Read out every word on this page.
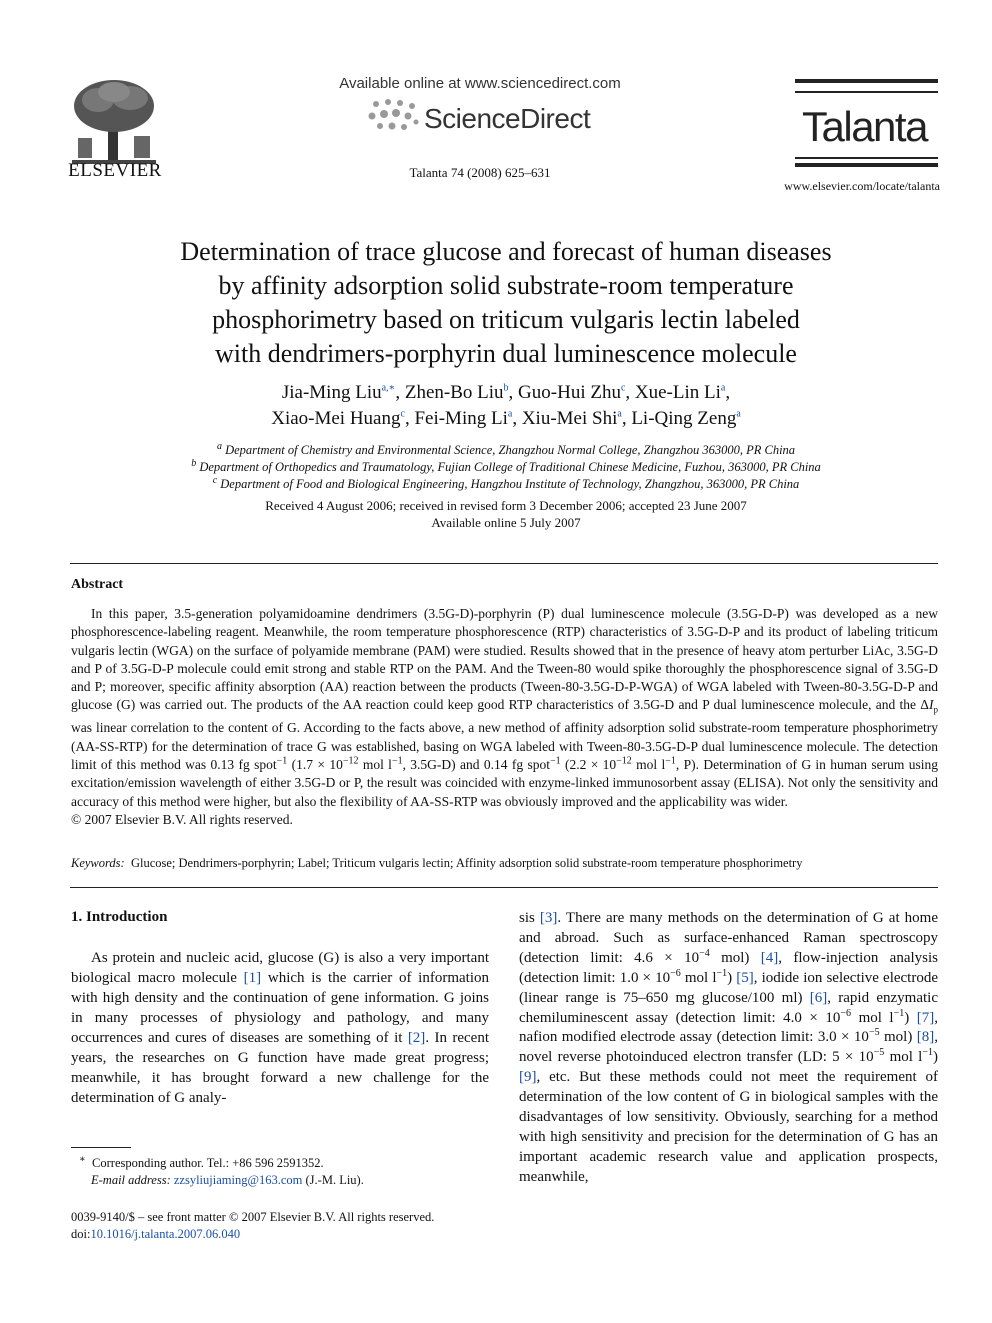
ELSEVIER
Available online at www.sciencedirect.com
ScienceDirect
Talanta 74 (2008) 625–631
Talanta
www.elsevier.com/locate/talanta
Determination of trace glucose and forecast of human diseases
by affinity adsorption solid substrate-room temperature
phosphorimetry based on triticum vulgaris lectin labeled
with dendrimers-porphyrin dual luminescence molecule
Jia-Ming Liu$^{a,∗}$, Zhen-Bo Liu$^b$, Guo-Hui Zhu$^c$, Xue-Lin Li$^a$,
Xiao-Mei Huang$^c$, Fei-Ming Li$^a$, Xiu-Mei Shi$^a$, Li-Qing Zeng$^a$
$^a$ Department of Chemistry and Environmental Science, Zhangzhou Normal College, Zhangzhou 363000, PR China
$^b$ Department of Orthopedics and Traumatology, Fujian College of Traditional Chinese Medicine, Fuzhou, 363000, PR China
$^c$ Department of Food and Biological Engineering, Hangzhou Institute of Technology, Zhangzhou, 363000, PR China
Received 4 August 2006; received in revised form 3 December 2006; accepted 23 June 2007
Available online 5 July 2007
Abstract

In this paper, 3.5-generation polyamidoamine dendrimers (3.5G-D)-porphyrin (P) dual luminescence molecule (3.5G-D-P) was developed as a new phosphorescence-labeling reagent. Meanwhile, the room temperature phosphorescence (RTP) characteristics of 3.5G-D-P and its product of labeling triticum vulgaris lectin (WGA) on the surface of polyamide membrane (PAM) were studied. Results showed that in the presence of heavy atom perturber LiAc, 3.5G-D and P of 3.5G-D-P molecule could emit strong and stable RTP on the PAM. And the Tween-80 would spike thoroughly the phosphorescence signal of 3.5G-D and P; moreover, specific affinity absorption (AA) reaction between the products (Tween-80-3.5G-D-P-WGA) of WGA labeled with Tween-80-3.5G-D-P and glucose (G) was carried out. The products of the AA reaction could keep good RTP characteristics of 3.5G-D and P dual luminescence molecule, and the $\Delta I_p$ was linear correlation to the content of G. According to the facts above, a new method of affinity adsorption solid substrate-room temperature phosphorimetry (AA-SS-RTP) for the determination of trace G was established, basing on WGA labeled with Tween-80-3.5G-D-P dual luminescence molecule. The detection limit of this method was 0.13 fg spot$^{-1}$ ($1.7 \times 10^{-12}$ mol $l^{-1}$, 3.5G-D) and 0.14 fg spot$^{-1}$ ($2.2 \times 10^{-12}$ mol $l^{-1}$, P). Determination of G in human serum using excitation/emission wavelength of either 3.5G-D or P, the result was coincided with enzyme-linked immunosorbent assay (ELISA). Not only the sensitivity and accuracy of this method were higher, but also the flexibility of AA-SS-RTP was obviously improved and the applicability was wider.

© 2007 Elsevier B.V. All rights reserved.

Keywords: Glucose; Dendrimers-porphyrin; Label; Triticum vulgaris lectin; Affinity adsorption solid substrate-room temperature phosphorimetry
1. Introduction

As protein and nucleic acid, glucose (G) is also a very important biological macro molecule [1] which is the carrier of information with high density and the continuation of gene information. G joins in many processes of physiology and pathology, and many occurrences and cures of diseases are something of it [2]. In recent years, the researches on G function have made great progress; meanwhile, it has brought forward a new challenge for the determination of G analy-

∗ Corresponding author. Tel.: +86 596 2591352.
E-mail address: zzsyliujiaming@163.com (J.-M. Liu).
0039-9140/$ – see front matter © 2007 Elsevier B.V. All rights reserved.
doi:10.1016/j.talanta.2007.06.040

sis [3]. There are many methods on the determination of G at home and abroad. Such as surface-enhanced Raman spectroscopy (detection limit: $4.6 \times 10^{-4}$ mol) [4], flow-injection analysis (detection limit: $1.0 \times 10^{-6}$ mol $l^{-1}$) [5], iodide ion selective electrode (linear range is 75–650 mg glucose/100 ml) [6], rapid enzymatic chemiluminescent assay (detection limit: $4.0 \times 10^{-6}$ mol $l^{-1}$) [7], nafion modified electrode assay (detection limit: $3.0 \times 10^{-5}$ mol) [8], novel reverse photoinduced electron transfer (LD: $5 \times 10^{-5}$ mol $l^{-1}$) [9], etc. But these methods could not meet the requirement of determination of the low content of G in biological samples with the disadvantages of low sensitivity. Obviously, searching for a method with high sensitivity and precision for the determination of G has an important academic research value and application prospects, meanwhile,
